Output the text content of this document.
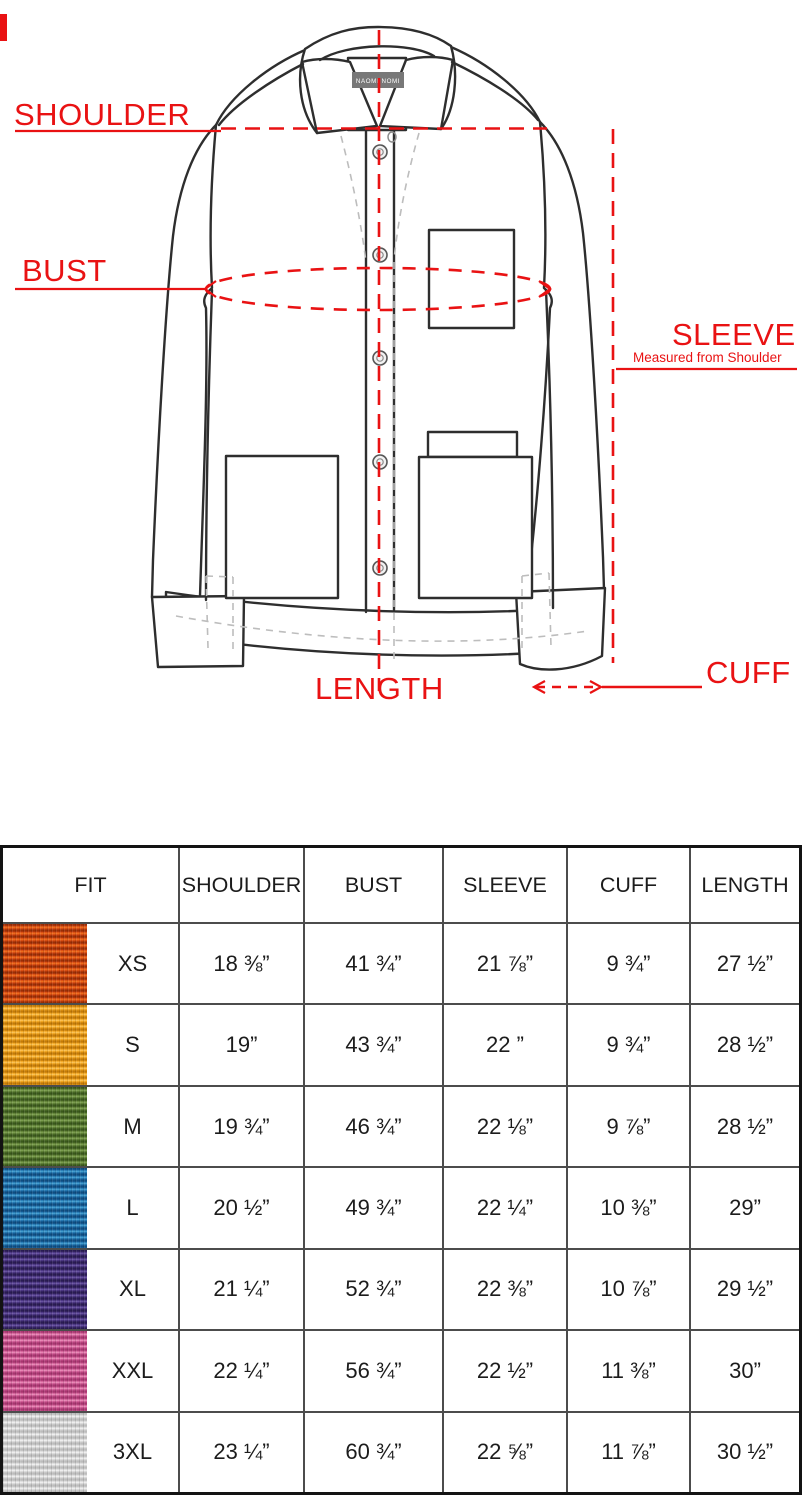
NAOMI NOMI
SHOULDER
BUST
SLEEVE
Measured from Shoulder
CUFF
LENGTH
FIT	SHOULDER	BUST	SLEEVE	CUFF	LENGTH
XS	18 ⅜”	41 ¾”	21 ⅞”	9 ¾”	27 ½”
S	19”	43 ¾”	22 ”	9 ¾”	28 ½”
M	19 ¾”	46 ¾”	22 ⅛”	9 ⅞”	28 ½”
L	20 ½”	49 ¾”	22 ¼”	10 ⅜”	29”
XL	21 ¼”	52 ¾”	22 ⅜”	10 ⅞”	29 ½”
XXL	22 ¼”	56 ¾”	22 ½”	11 ⅜”	30”
3XL	23 ¼”	60 ¾”	22 ⅝”	11 ⅞”	30 ½”
